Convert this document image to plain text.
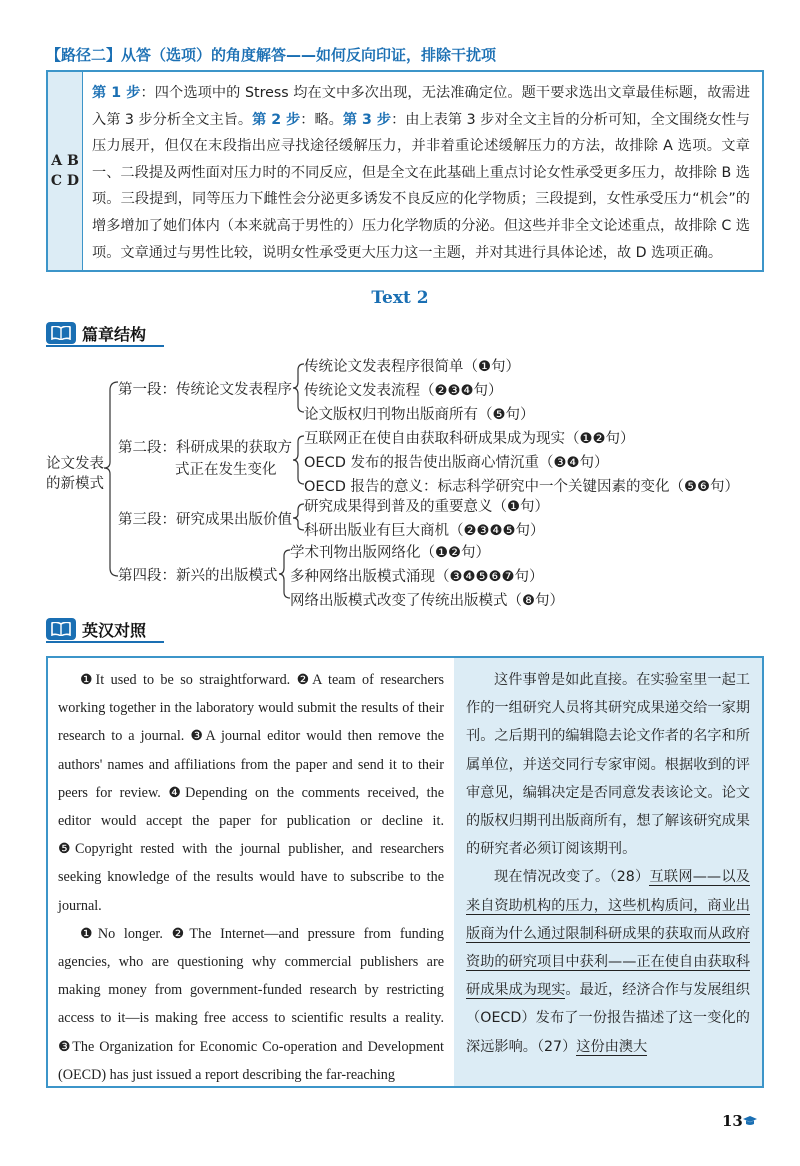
【路径二】从答（选项）的角度解答——如何反向印证，排除干扰项
A B
C D
第 1 步：四个选项中的 Stress 均在文中多次出现，无法准确定位。题干要求选出文章最佳标题，故需进入第 3 步分析全文主旨。第 2 步：略。第 3 步：由上表第 3 步对全文主旨的分析可知，全文围绕女性与压力展开，但仅在末段指出应寻找途径缓解压力，并非着重论述缓解压力的方法，故排除 A 选项。文章一、二段提及两性面对压力时的不同反应，但是全文在此基础上重点讨论女性承受更多压力，故排除 B 选项。三段提到，同等压力下雌性会分泌更多诱发不良反应的化学物质；三段提到，女性承受压力“机会”的增多增加了她们体内（本来就高于男性的）压力化学物质的分泌。但这些并非全文论述重点，故排除 C 选项。文章通过与男性比较，说明女性承受更大压力这一主题，并对其进行具体论述，故 D 选项正确。
Text 2
篇章结构
论文发表
的新模式
第一段：传统论文发表程序
传统论文发表程序很简单（❶句）
传统论文发表流程（❷❸❹句）
论文版权归刊物出版商所有（❺句）
第二段：科研成果的获取方
式正在发生变化
互联网正在使自由获取科研成果成为现实（❶❷句）
OECD 发布的报告使出版商心情沉重（❸❹句）
OECD 报告的意义：标志科学研究中一个关键因素的变化（❺❻句）
第三段：研究成果出版价值
研究成果得到普及的重要意义（❶句）
科研出版业有巨大商机（❷❸❹❺句）
第四段：新兴的出版模式
学术刊物出版网络化（❶❷句）
多种网络出版模式涌现（❸❹❺❻❼句）
网络出版模式改变了传统出版模式（❽句）
英汉对照

❶It used to be so straightforward. ❷A team of researchers working together in the laboratory would submit the results of their research to a journal. ❸A journal editor would then remove the authors' names and affiliations from the paper and send it to their peers for review. ❹Depending on the comments received, the editor would accept the paper for publication or decline it. ❺Copyright rested with the journal publisher, and researchers seeking knowledge of the results would have to subscribe to the journal.

❶No longer. ❷The Internet—and pressure from funding agencies, who are questioning why commercial publishers are making money from government-funded research by restricting access to it—is making free access to scientific results a reality. ❸The Organization for Economic Co-operation and Development (OECD) has just issued a report describing the far-reaching

这件事曾是如此直接。在实验室里一起工作的一组研究人员将其研究成果递交给一家期刊。之后期刊的编辑隐去论文作者的名字和所属单位，并送交同行专家审阅。根据收到的评审意见，编辑决定是否同意发表该论文。论文的版权归期刊出版商所有，想了解该研究成果的研究者必须订阅该期刊。

现在情况改变了。（28）互联网——以及来自资助机构的压力，这些机构质问，商业出版商为什么通过限制科研成果的获取而从政府资助的研究项目中获利——正在使自由获取科研成果成为现实。最近，经济合作与发展组织（OECD）发布了一份报告描述了这一变化的深远影响。（27）这份由澳大

13
